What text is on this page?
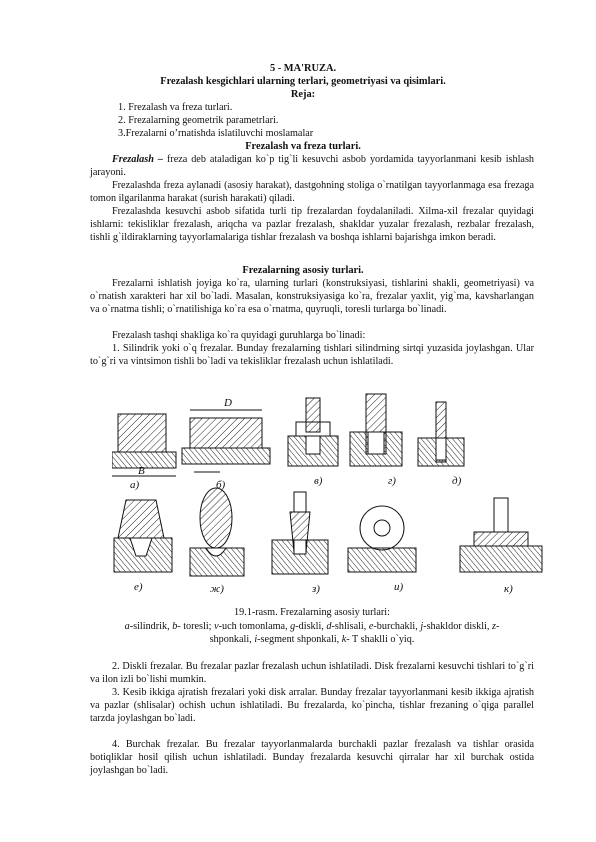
5 - MA'RUZA.
Frezalash kesgichlari ularning terlari, geometriyasi va qisimlari.
Reja:
1. Frezalash va freza turlari.
2. Frezalarning geometrik parametrlari.
3.Frezalarni o’rnatishda islatiluvchi moslamalar
Frezalash va freza turlari.
Frezalash – freza deb ataladigan ko`p tig`li kesuvchi asbob yordamida tayyorlanmani kesib ishlash jarayoni.
Frezalashda freza aylanadi (asosiy harakat), dastgohning stoliga o`rnatilgan tayyorlanmaga esa frezaga tomon ilgarilanma harakat (surish harakati) qiladi.
Frezalashda kesuvchi asbob sifatida turli tip frezalardan foydalaniladi. Xilma-xil frezalar quyidagi ishlarni: tekisliklar frezalash, ariqcha va pazlar frezalash, shakldar yuzalar frezalash, rezbalar frezalash, tishli g`ildiraklarning tayyorlamalariga tishlar frezalash va boshqa ishlarni bajarishga imkon beradi.
Frezalarning asosiy turlari.
Frezalarni ishlatish joyiga ko`ra, ularning turlari (konstruksiyasi, tishlarini shakli, geometriyasi) va o`rnatish xarakteri har xil bo`ladi. Masalan, konstruksiyasiga ko`ra, frezalar yaxlit, yig`ma, kavsharlangan va o`rnatma tishli; o`rnatilishiga ko`ra esa o`rnatma, quyruqli, toresli turlarga bo`linadi.
Frezalash tashqi shakliga ko`ra quyidagi guruhlarga bo`linadi:
1. Silindrik yoki o`q frezalar. Bunday frezalarning tishlari silindrning sirtqi yuzasida joylashgan. Ular to`g`ri va vintsimon tishli bo`ladi va tekisliklar frezalash uchun ishlatiladi.
а)	б)	в)	г)	д)
е)	ж)	з)	и)	к)
D
B
19.1-rasm. Frezalarning asosiy turlari:
a-silindrik, b- toresli; v-uch tomonlama, g-diskli, d-shlisali, e-burchakli, j-shakldor diskli, z-
shponkali, i-segment shponkali, k- T shaklli o`yiq.
2. Diskli frezalar. Bu frezalar pazlar frezalash uchun ishlatiladi. Disk frezalarni kesuvchi tishlari to`g`ri va ilon izli bo`lishi mumkin.
3. Kesib ikkiga ajratish frezalari yoki disk arralar. Bunday frezalar tayyorlanmani kesib ikkiga ajratish va pazlar (shlisalar) ochish uchun ishlatiladi. Bu frezalarda, ko`pincha, tishlar frezaning o`qiga parallel tarzda joylashgan bo`ladi.
4. Burchak frezalar. Bu frezalar tayyorlanmalarda burchakli pazlar frezalash va tishlar orasida botiqliklar hosil qilish uchun ishlatiladi. Bunday frezalarda kesuvchi qirralar har xil burchak ostida joylashgan bo`ladi.
